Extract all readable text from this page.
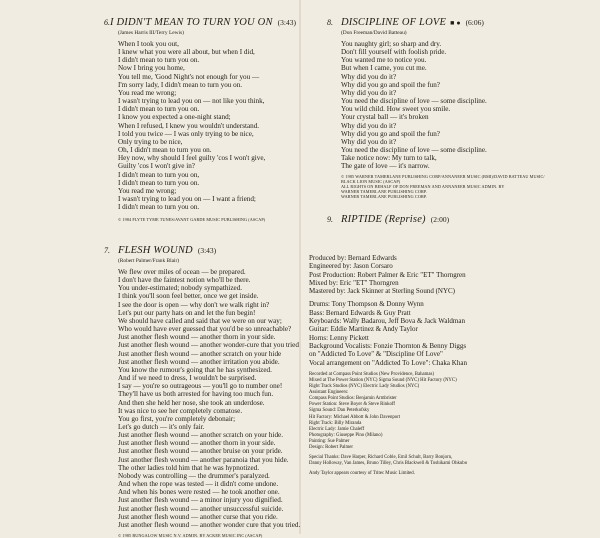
6. I DIDN'T MEAN TO TURN YOU ON (3:43)
(James Harris III/Terry Lewis)
When I took you out,
I knew what you were all about, but when I did,
I didn't mean to turn you on.
Now I bring you home,
You tell me, 'Good Night's not enough for you —
I'm sorry lady, I didn't mean to turn you on.
You read me wrong;
I wasn't trying to lead you on — not like you think,
I didn't mean to turn you on.
I know you expected a one-night stand;
When I refused, I knew you wouldn't understand.
I told you twice — I was only trying to be nice,
Only trying to be nice,
Oh, I didn't mean to turn you on.
Hey now, why should I feel guilty 'cos I won't give,
Guilty 'cos I won't give in?
I didn't mean to turn you on,
I didn't mean to turn you on.
You read me wrong;
I wasn't trying to lead you on — I want a friend;
I didn't mean to turn you on.
© 1984 FLYTE TYME TUNES/AVANT GARDE MUSIC PUBLISHING (ASCAP)
7. FLESH WOUND (3:43)
(Robert Palmer/Frank Blair)
We flew over miles of ocean — be prepared.
I don't have the faintest notion who'll be there.
You under-estimated; nobody sympathized.
I think you'll soon feel better, once we get inside.
I see the door is open — why don't we walk right in?
Let's put our party hats on and let the fun begin!
We should have called and said that we were on our way;
Who would have ever guessed that you'd be so unreachable?
Just another flesh wound — another thorn in your side.
Just another flesh wound — another wonder-cure that you tried
Just another flesh wound — another scratch on your hide
Just another flesh wound — another irritation you abide.
You know the rumour's going that he has synthesized.
And if we need to dress, I wouldn't be surprised.
I say — you're so outrageous — you'll go to number one!
They'll have us both arrested for having too much fun.
And then she held her nose, she took an underdose.
It was nice to see her completely comatose.
You go first, you're completely debonair;
Let's go dutch — it's only fair.
Just another flesh wound — another scratch on your hide.
Just another flesh wound — another thorn in your side.
Just another flesh wound — another bruise on your pride.
Just another flesh wound — another paranoia that you hide.
The other ladies told him that he was hypnotized.
Nobody was controlling — the drummer's paralyzed.
And when the rope was tested — it didn't come undone.
And when his bones were rested — he took another one.
Just another flesh wound — a minor injury you dignified.
Just another flesh wound — another unsuccessful suicide.
Just another flesh wound — another curse that you ride.
Just another flesh wound — another wonder cure that you tried.
© 1985 BUNGALOW MUSIC N.V. ADMIN. BY ACKEE MUSIC INC (ASCAP)
8. DISCIPLINE OF LOVE ■ ● (6:06)
(Don Freeman/David Batteau)
You naughty girl; so sharp and dry.
Don't fill yourself with foolish pride.
You wanted me to notice you.
But when I came, you cut me.
Why did you do it?
Why did you go and spoil the fun?
Why did you do it?
You need the discipline of love — some discipline.
You wild child. How sweet you smile.
Your crystal ball — it's broken
Why did you do it?
Why did you go and spoil the fun?
Why did you do it?
You need the discipline of love — some discipline.
Take notice now: My turn to talk,
The gate of love — it's narrow.
© 1985 WARNER TAMERLANE PUBLISHING CORP/ANNANEER MUSIC (BMI)/DAVID BATTEAU MUSIC/
BLACK LION MUSIC (ASCAP)
ALL RIGHTS ON BEHALF OF DON FREEMAN AND ANNANEER MUSIC ADMIN. BY
WARNER TAMERLANE PUBLISHING CORP.
WARNER TAMERLANE PUBLISHING CORP.
9. RIPTIDE (Reprise) (2:00)
Produced by: Bernard Edwards
Engineered by: Jason Corsaro
Post Production: Robert Palmer & Eric "ET" Thorngren
Mixed by: Eric "ET" Thorngren
Mastered by: Jack Skinner at Sterling Sound (NYC)
Drums: Tony Thompson & Donny Wynn
Bass: Bernard Edwards & Guy Pratt
Keyboards: Wally Badarou, Jeff Bova & Jack Waldman
Guitar: Eddie Martinez & Andy Taylor
Horns: Lenny Pickett
Background Vocalists: Fonzie Thornton & Benny Diggs
on "Addicted To Love" & "Discipline Of Love"
Vocal arrangement on "Addicted To Love": Chaka Khan
Recorded at Compass Point Studios (New Providence, Bahamas)
Mixed at The Power Station (NYC) Sigma Sound (NYC) Hit Factory (NYC)
Right Track Studios (NYC) Electric Lady Studios (NYC)
Assistant Engineers:
Compass Point Studios: Benjamin Armbrister
Power Station: Steve Boyer & Steve Rinkoff
Sigma Sound: Dan Peterkofsky
Hit Factory: Michael Abbott & John Davenport
Right Track: Billy Miranda
Electric Lady: Jamie Chaleff
Photography: Giuseppe Pino (Milano)
Painting: Sue Palmer
Design: Robert Palmer
Special Thanks: Dave Harper, Richard Coble, Emil Schult, Barry Bonjorn,
Danny Holloway, Van James, Bruno Tilley, Chris Blackwell & Toshikami Ohkubo
Andy Taylor appears courtesy of Tritec Music Limited.
